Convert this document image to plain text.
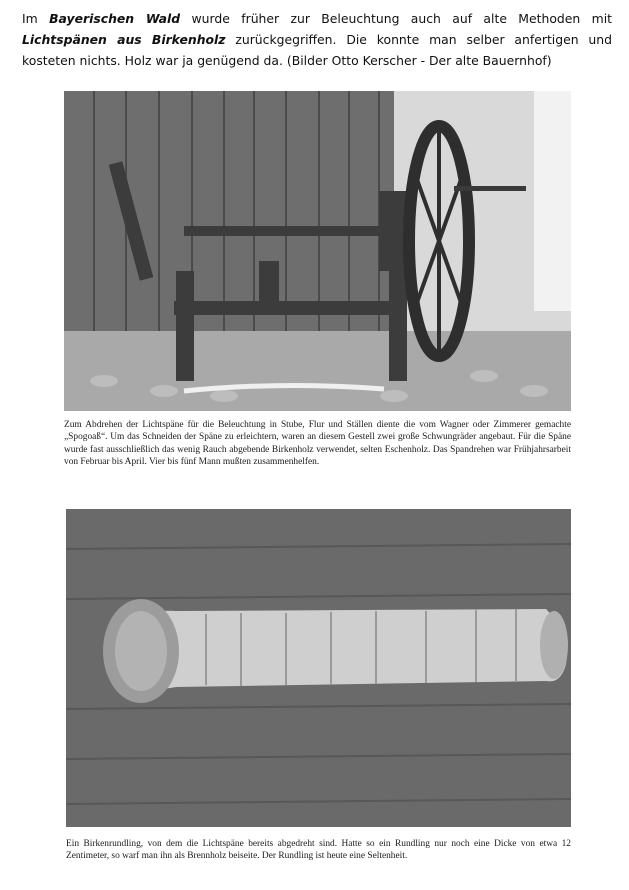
Im Bayerischen Wald wurde früher zur Beleuchtung auch auf alte Methoden mit Lichtspänen aus Birkenholz zurückgegriffen. Die konnte man selber anfertigen und kosteten nichts. Holz war ja genügend da. (Bilder Otto Kerscher - Der alte Bauernhof)

Zum Abdrehen der Lichtspäne für die Beleuchtung in Stube, Flur und Ställen diente die vom Wagner oder Zimmerer gemachte „Spogoaß“. Um das Schneiden der Späne zu erleichtern, waren an diesem Gestell zwei große Schwungräder angebaut. Für die Späne wurde fast ausschließlich das wenig Rauch abgebende Birkenholz verwendet, selten Eschenholz. Das Spandrehen war Frühjahrsarbeit von Februar bis April. Vier bis fünf Mann mußten zusammenhelfen.

Ein Birkenrundling, von dem die Lichtspäne bereits abgedreht sind. Hatte so ein Rundling nur noch eine Dicke von etwa 12 Zentimeter, so warf man ihn als Brennholz beiseite. Der Rundling ist heute eine Seltenheit.
